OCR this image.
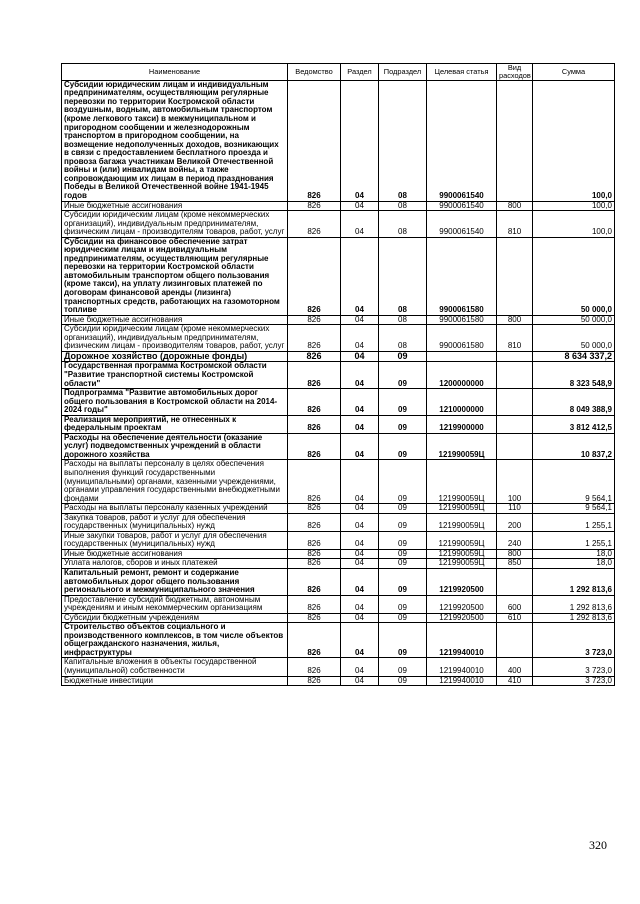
Наименование	Ведомство	Раздел	Подраздел	Целевая статья	Вид расходов	Сумма
Субсидии юридическим лицам и индивидуальным предпринимателям, осуществляющим регулярные перевозки по территории Костромской области воздушным, водным, автомобильным транспортом (кроме легкового такси) в межмуниципальном и пригородном сообщении и железнодорожным транспортом в пригородном сообщении, на возмещение недополученных доходов, возникающих в связи с предоставлением бесплатного проезда и провоза багажа участникам Великой Отечественной войны и (или) инвалидам войны, а также сопровождающим их лицам в период празднования Победы в Великой Отечественной войне 1941-1945 годов	826	04	08	9900061540		100,0
Иные бюджетные ассигнования	826	04	08	9900061540	800	100,0
Субсидии юридическим лицам (кроме некоммерческих организаций), индивидуальным предпринимателям, физическим лицам - производителям товаров, работ, услуг	826	04	08	9900061540	810	100,0
Субсидии на финансовое обеспечение затрат юридическим лицам и индивидуальным предпринимателям, осуществляющим регулярные перевозки на территории Костромской области автомобильным транспортом общего пользования (кроме такси), на уплату лизинговых платежей по договорам финансовой аренды (лизинга) транспортных средств, работающих на газомоторном топливе	826	04	08	9900061580		50 000,0
Иные бюджетные ассигнования	826	04	08	9900061580	800	50 000,0
Субсидии юридическим лицам (кроме некоммерческих организаций), индивидуальным предпринимателям, физическим лицам - производителям товаров, работ, услуг	826	04	08	9900061580	810	50 000,0
Дорожное хозяйство (дорожные фонды)	826	04	09			8 634 337,2
Государственная программа Костромской области "Развитие транспортной системы Костромской области"	826	04	09	1200000000		8 323 548,9
Подпрограмма "Развитие автомобильных дорог общего пользования в Костромской области на 2014-2024 годы"	826	04	09	1210000000		8 049 388,9
Реализация мероприятий, не отнесенных к федеральным проектам	826	04	09	1219900000		3 812 412,5
Расходы на обеспечение деятельности (оказание услуг) подведомственных учреждений в области дорожного хозяйства	826	04	09	121990059Ц		10 837,2
Расходы на выплаты персоналу в целях обеспечения выполнения функций государственными (муниципальными) органами, казенными учреждениями, органами управления государственными внебюджетными фондами	826	04	09	121990059Ц	100	9 564,1
Расходы на выплаты персоналу казенных учреждений	826	04	09	121990059Ц	110	9 564,1
Закупка товаров, работ и услуг для обеспечения государственных (муниципальных) нужд	826	04	09	121990059Ц	200	1 255,1
Иные закупки товаров, работ и услуг для обеспечения государственных (муниципальных) нужд	826	04	09	121990059Ц	240	1 255,1
Иные бюджетные ассигнования	826	04	09	121990059Ц	800	18,0
Уплата налогов, сборов и иных платежей	826	04	09	121990059Ц	850	18,0
Капитальный ремонт, ремонт и содержание автомобильных дорог общего пользования регионального и межмуниципального значения	826	04	09	1219920500		1 292 813,6
Предоставление субсидий бюджетным, автономным учреждениям и иным некоммерческим организациям	826	04	09	1219920500	600	1 292 813,6
Субсидии бюджетным учреждениям	826	04	09	1219920500	610	1 292 813,6
Строительство объектов социального и производственного комплексов, в том числе объектов общегражданского назначения, жилья, инфраструктуры	826	04	09	1219940010		3 723,0
Капитальные вложения в объекты государственной (муниципальной) собственности	826	04	09	1219940010	400	3 723,0
Бюджетные инвестиции	826	04	09	1219940010	410	3 723,0
320
